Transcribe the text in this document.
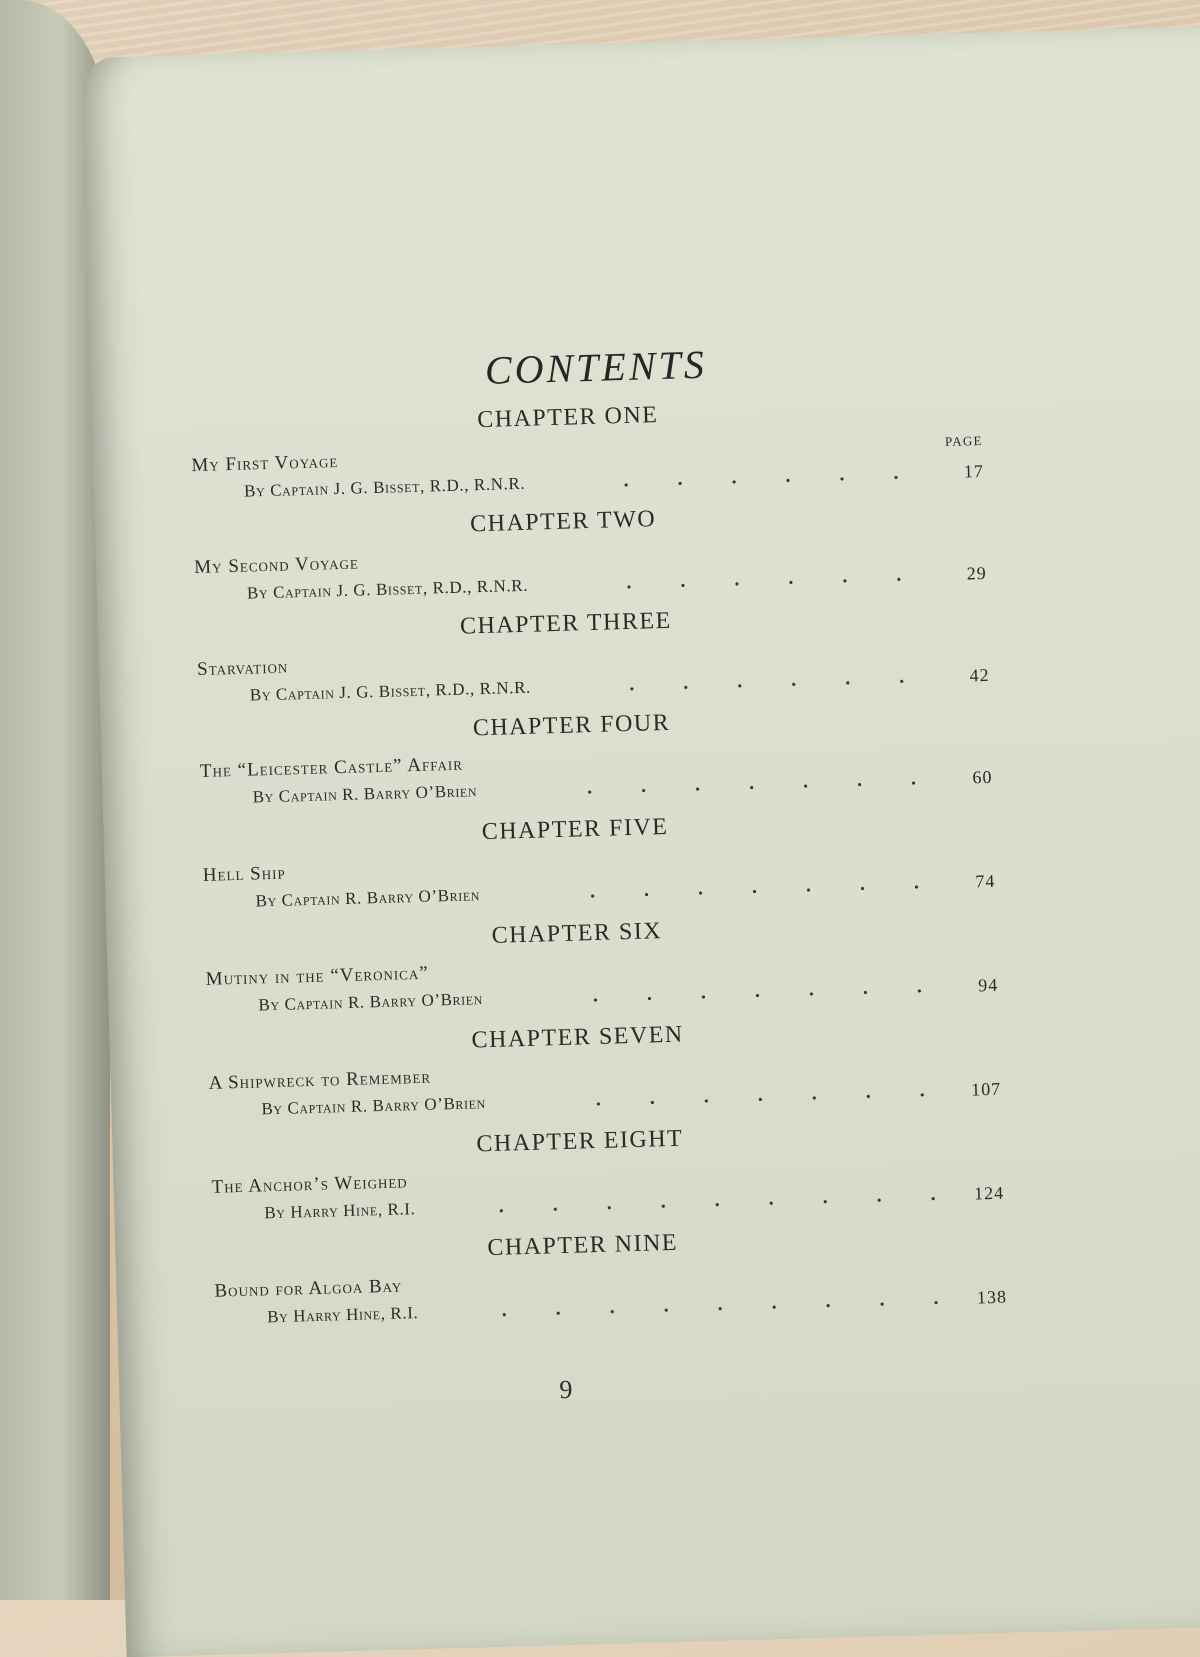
CONTENTS
PAGE
CHAPTER ONE
My First Voyage
By Captain J. G. Bisset, R.D., R.N.R.
17
CHAPTER TWO
My Second Voyage
By Captain J. G. Bisset, R.D., R.N.R.
29
CHAPTER THREE
Starvation
By Captain J. G. Bisset, R.D., R.N.R.
42
CHAPTER FOUR
The “Leicester Castle” Affair
By Captain R. Barry O’Brien
60
CHAPTER FIVE
Hell Ship
By Captain R. Barry O’Brien
74
CHAPTER SIX
Mutiny in the “Veronica”
By Captain R. Barry O’Brien
94
CHAPTER SEVEN
A Shipwreck to Remember
By Captain R. Barry O’Brien
107
CHAPTER EIGHT
The Anchor’s Weighed
By Harry Hine, R.I.
124
CHAPTER NINE
Bound for Algoa Bay
By Harry Hine, R.I.
138
9
